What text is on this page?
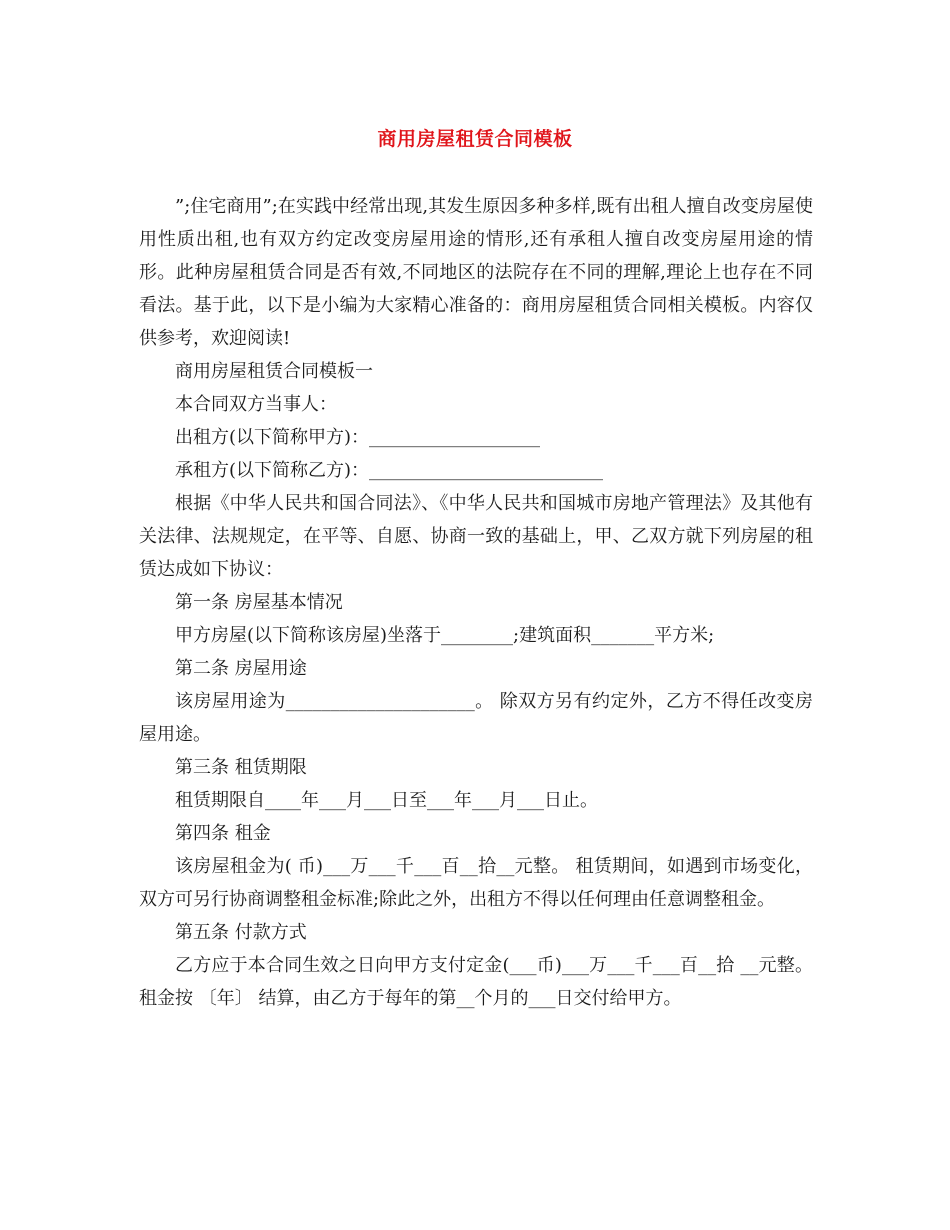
商用房屋租赁合同模板

”;住宅商用”;在实践中经常出现,其发生原因多种多样,既有出租人擅自改变房屋使用性质出租,也有双方约定改变房屋用途的情形,还有承租人擅自改变房屋用途的情形。此种房屋租赁合同是否有效,不同地区的法院存在不同的理解,理论上也存在不同看法。基于此，以下是小编为大家精心准备的：商用房屋租赁合同相关模板。内容仅供参考，欢迎阅读!

商用房屋租赁合同模板一

本合同双方当事人：

出租方(以下简称甲方)：___________________

承租方(以下简称乙方)：__________________________

根据《中华人民共和国合同法》、《中华人民共和国城市房地产管理法》及其他有关法律、法规规定，在平等、自愿、协商一致的基础上，甲、乙双方就下列房屋的租赁达成如下协议：

第一条 房屋基本情况

甲方房屋(以下简称该房屋)坐落于________;建筑面积_______平方米;

第二条 房屋用途

该房屋用途为_____________________。 除双方另有约定外，乙方不得任改变房屋用途。

第三条 租赁期限

租赁期限自____年___月___日至___年___月___日止。

第四条 租金

该房屋租金为( 币)___万___千___百__拾__元整。 租赁期间，如遇到市场变化，双方可另行协商调整租金标准;除此之外，出租方不得以任何理由任意调整租金。

第五条 付款方式

乙方应于本合同生效之日向甲方支付定金(___币)___万___千___百__拾 __元整。租金按 〔年〕 结算，由乙方于每年的第__个月的___日交付给甲方。
